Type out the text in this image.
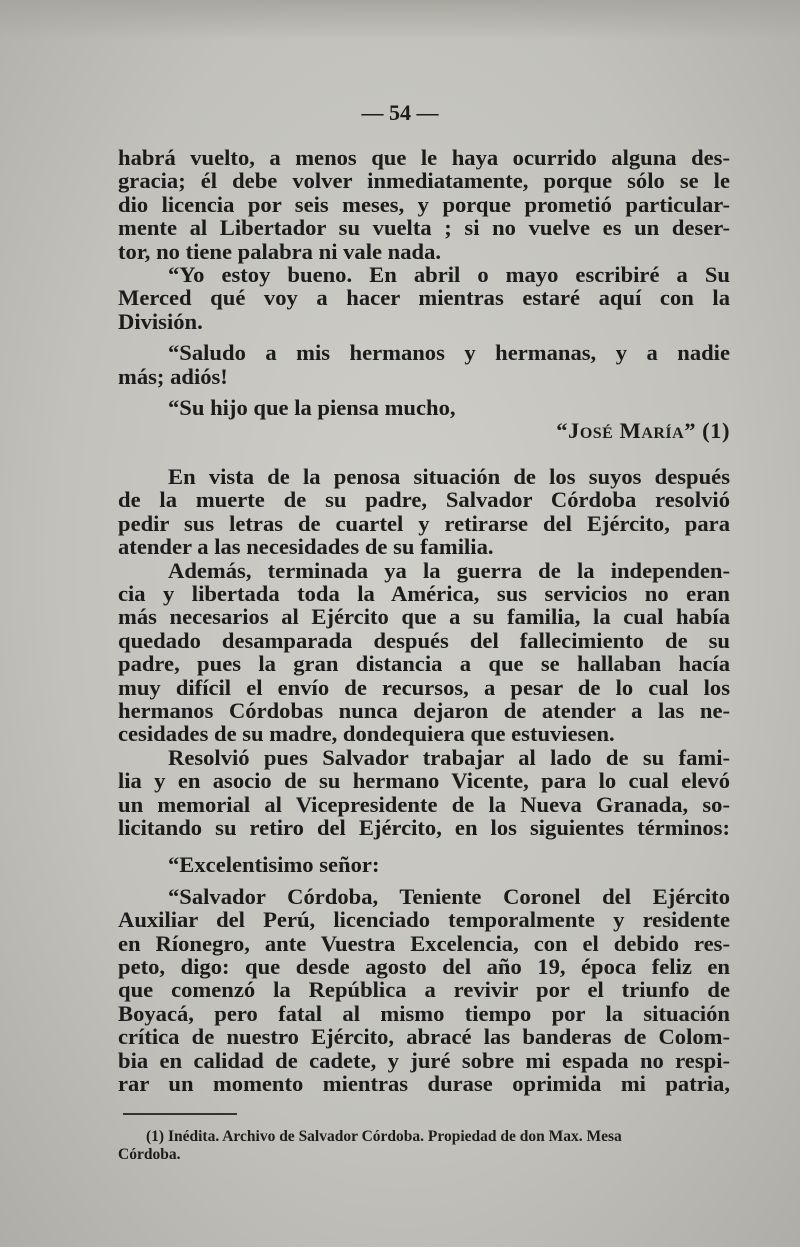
— 54 —
habrá vuelto, a menos que le haya ocurrido alguna des-
gracia; él debe volver inmediatamente, porque sólo se le
dio licencia por seis meses, y porque prometió particular-
mente al Libertador su vuelta ; si no vuelve es un deser-
tor, no tiene palabra ni vale nada.
“Yo estoy bueno. En abril o mayo escribiré a Su
Merced qué voy a hacer mientras estaré aquí con la
División.
“Saludo a mis hermanos y hermanas, y a nadie
más; adiós!
“Su hijo que la piensa mucho,
“José María” (1)
En vista de la penosa situación de los suyos después
de la muerte de su padre, Salvador Córdoba resolvió
pedir sus letras de cuartel y retirarse del Ejército, para
atender a las necesidades de su familia.
Además, terminada ya la guerra de la independen-
cia y libertada toda la América, sus servicios no eran
más necesarios al Ejército que a su familia, la cual había
quedado desamparada después del fallecimiento de su
padre, pues la gran distancia a que se hallaban hacía
muy difícil el envío de recursos, a pesar de lo cual los
hermanos Córdobas nunca dejaron de atender a las ne-
cesidades de su madre, dondequiera que estuviesen.
Resolvió pues Salvador trabajar al lado de su fami-
lia y en asocio de su hermano Vicente, para lo cual elevó
un memorial al Vicepresidente de la Nueva Granada, so-
licitando su retiro del Ejército, en los siguientes términos:
“Excelentisimo señor:
“Salvador Córdoba, Teniente Coronel del Ejército
Auxiliar del Perú, licenciado temporalmente y residente
en Ríonegro, ante Vuestra Excelencia, con el debido res-
peto, digo: que desde agosto del año 19, época feliz en
que comenzó la República a revivir por el triunfo de
Boyacá, pero fatal al mismo tiempo por la situación
crítica de nuestro Ejército, abracé las banderas de Colom-
bia en calidad de cadete, y juré sobre mi espada no respi-
rar un momento mientras durase oprimida mi patria,
(1) Inédita. Archivo de Salvador Córdoba. Propiedad de don Max. Mesa
Córdoba.
